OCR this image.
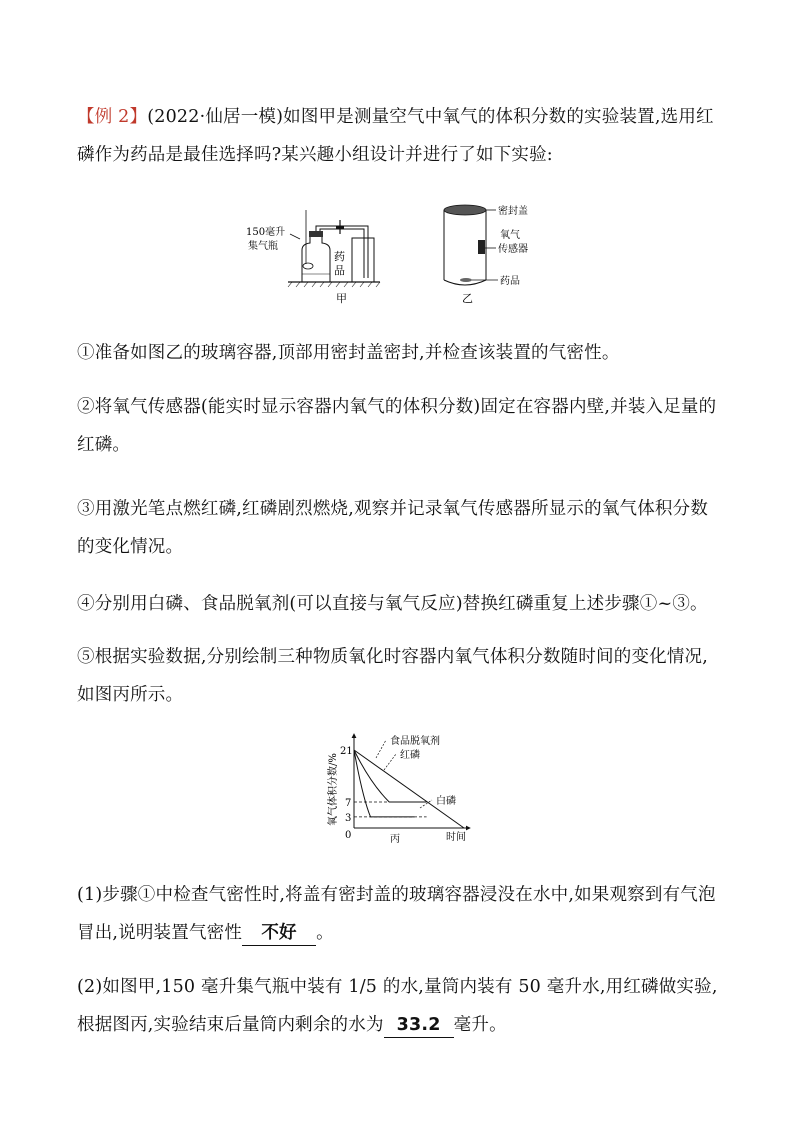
【例 2】(2022·仙居一模)如图甲是测量空气中氧气的体积分数的实验装置,选用红磷作为药品是最佳选择吗?某兴趣小组设计并进行了如下实验:
150毫升
集气瓶
药
品
甲
密封盖
氧气
传感器
药品
乙
①准备如图乙的玻璃容器,顶部用密封盖密封,并检查该装置的气密性。
②将氧气传感器(能实时显示容器内氧气的体积分数)固定在容器内壁,并装入足量的红磷。
③用激光笔点燃红磷,红磷剧烈燃烧,观察并记录氧气传感器所显示的氧气体积分数的变化情况。
④分别用白磷、食品脱氧剂(可以直接与氧气反应)替换红磷重复上述步骤①~③。
⑤根据实验数据,分别绘制三种物质氧化时容器内氧气体积分数随时间的变化情况,如图丙所示。
氧气体积分数/%
时间
丙
21
7
3
0
食品脱氧剂
红磷
白磷
(1)步骤①中检查气密性时,将盖有密封盖的玻璃容器浸没在水中,如果观察到有气泡冒出,说明装置气密性 不好 。
(2)如图甲,150 毫升集气瓶中装有 1/5 的水,量筒内装有 50 毫升水,用红磷做实验,根据图丙,实验结束后量筒内剩余的水为 33.2 毫升。
